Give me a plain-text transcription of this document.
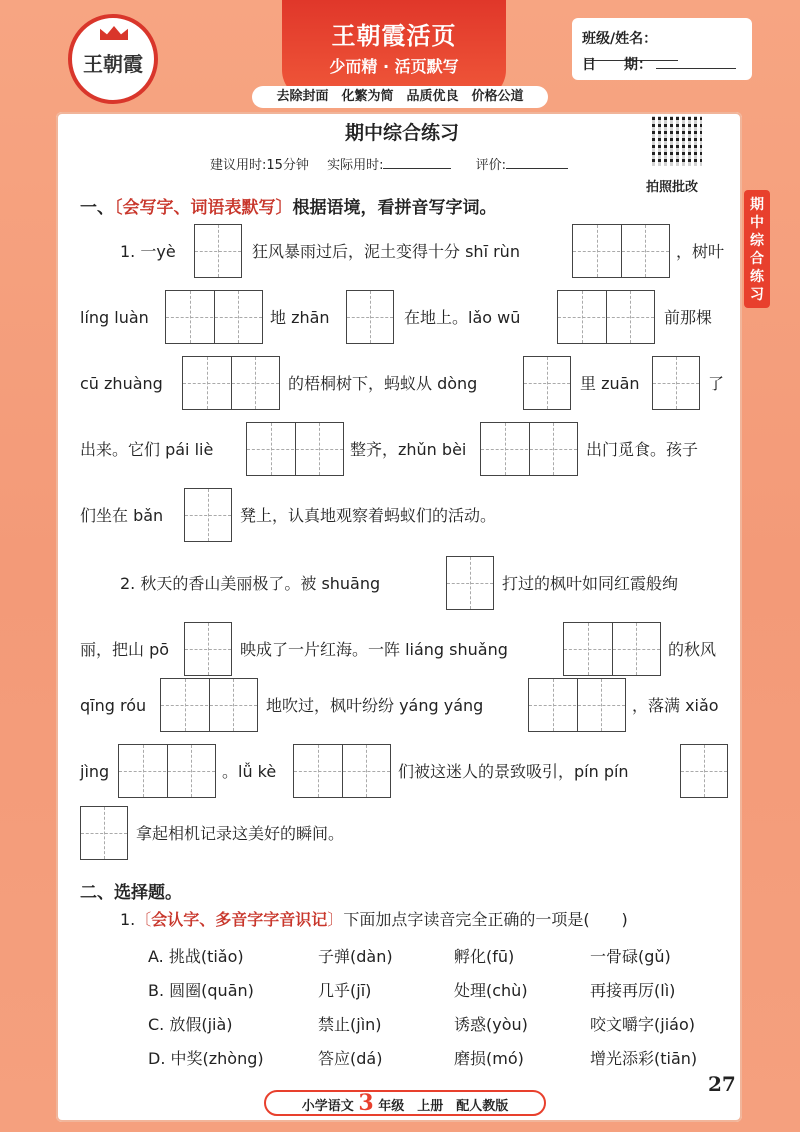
王朝霞
王朝霞活页
少而精 · 活页默写
班级/姓名：
日　　期：
去除封面　化繁为简　品质优良　价格公道
期中综合练习
建议用时:15分钟 实际用时:	评价:
拍照批改
期
中
综
合
练
习
一、〔会写字、词语表默写〕根据语境，看拼音写字词。
1. 一yè	狂风暴雨过后，泥土变得十分 shī rùn	，树叶
líng luàn	地 zhān	在地上。lǎo wū	前那棵
cū zhuàng	的梧桐树下，蚂蚁从 dòng	里 zuān	了
出来。它们 pái liè	整齐，zhǔn bèi	出门觅食。孩子
们坐在 bǎn	凳上，认真地观察着蚂蚁们的活动。
2. 秋天的香山美丽极了。被 shuāng	打过的枫叶如同红霞般绚
丽，把山 pō	映成了一片红海。一阵 liáng shuǎng	的秋风
qīng róu	地吹过，枫叶纷纷 yáng yáng	，落满 xiǎo
jìng	。lǚ kè	们被这迷人的景致吸引，pín pín
拿起相机记录这美好的瞬间。
二、选择题。
1.〔会认字、多音字字音识记〕下面加点字读音完全正确的一项是(　　)
A. 挑战(tiǎo)	子弹(dàn)	孵化(fū)	一骨碌(gǔ)
B. 圆圈(quān)	几乎(jī)	处理(chù)	再接再厉(lì)
C. 放假(jià)	禁止(jìn)	诱惑(yòu)	咬文嚼字(jiáo)
D. 中奖(zhòng)	答应(dá)	磨损(mó)	增光添彩(tiān)
小学语文 3 年级　上册　配人教版
27
